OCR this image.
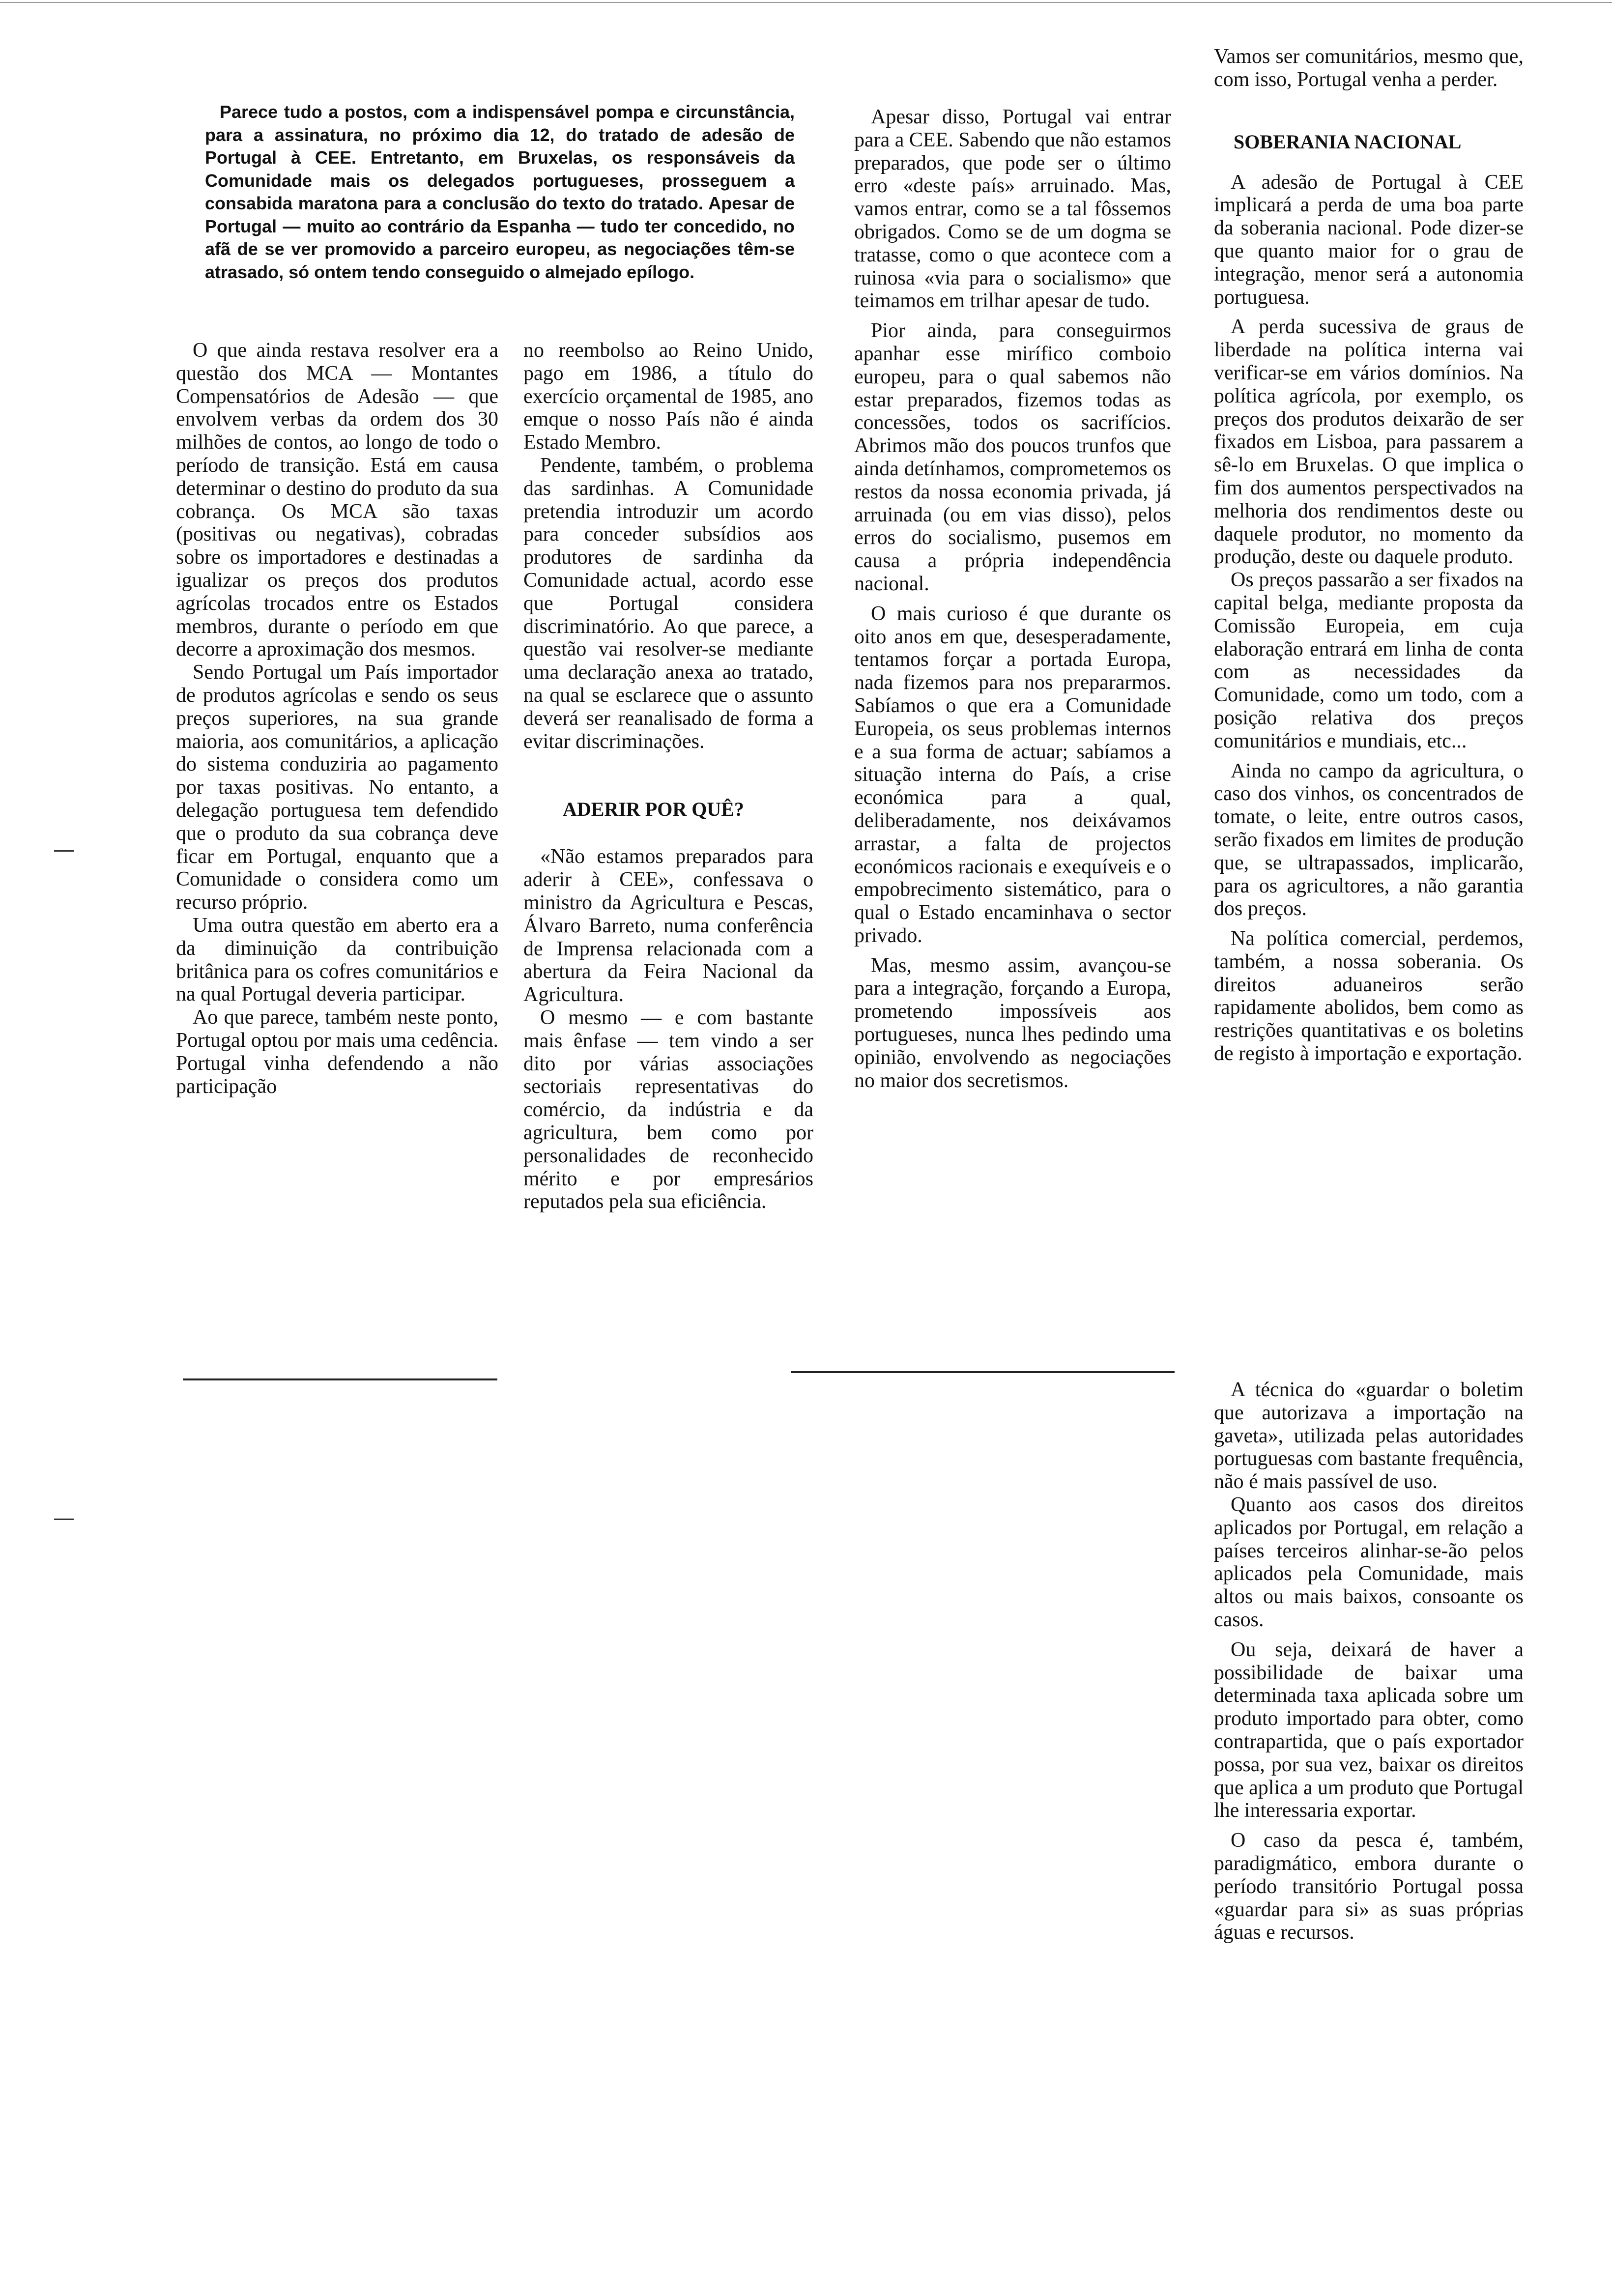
Parece tudo a postos, com a indispensável pompa e circunstância, para a assinatura, no próximo dia 12, do tratado de adesão de Portugal à CEE. Entretanto, em Bruxelas, os responsáveis da Comunidade mais os delegados portugueses, prosseguem a consabida maratona para a conclusão do texto do tratado. Apesar de Portugal — muito ao contrário da Espanha — tudo ter concedido, no afã de se ver promovido a parceiro europeu, as negociações têm-se atrasado, só ontem tendo conseguido o almejado epílogo.

O que ainda restava resolver era a questão dos MCA — Montantes Compensatórios de Adesão — que envolvem verbas da ordem dos 30 milhões de contos, ao longo de todo o período de transição. Está em causa determinar o destino do produto da sua cobrança. Os MCA são taxas (positivas ou negativas), cobradas sobre os importadores e destinadas a igualizar os preços dos produtos agrícolas trocados entre os Estados membros, durante o período em que decorre a aproximação dos mesmos.

Sendo Portugal um País importador de produtos agrícolas e sendo os seus preços superiores, na sua grande maioria, aos comunitários, a aplicação do sistema conduziria ao pagamento por taxas positivas. No entanto, a delegação portuguesa tem defendido que o produto da sua cobrança deve ficar em Portugal, enquanto que a Comunidade o considera como um recurso próprio.

Uma outra questão em aberto era a da diminuição da contribuição britânica para os cofres comunitários e na qual Portugal deveria participar.

Ao que parece, também neste ponto, Portugal optou por mais uma cedência. Portugal vinha defendendo a não participação

no reembolso ao Reino Unido, pago em 1986, a título do exercício orçamental de 1985, ano emque o nosso País não é ainda Estado Membro.

Pendente, também, o problema das sardinhas. A Comunidade pretendia introduzir um acordo para conceder subsídios aos produtores de sardinha da Comunidade actual, acordo esse que Portugal considera discriminatório. Ao que parece, a questão vai resolver-se mediante uma declaração anexa ao tratado, na qual se esclarece que o assunto deverá ser reanalisado de forma a evitar discriminações.

ADERIR POR QUÊ?

«Não estamos preparados para aderir à CEE», confessava o ministro da Agricultura e Pescas, Álvaro Barreto, numa conferência de Imprensa relacionada com a abertura da Feira Nacional da Agricultura.

O mesmo — e com bastante mais ênfase — tem vindo a ser dito por várias associações sectoriais representativas do comércio, da indústria e da agricultura, bem como por personalidades de reconhecido mérito e por empresários reputados pela sua eficiência.

Apesar disso, Portugal vai entrar para a CEE. Sabendo que não estamos preparados, que pode ser o último erro «deste país» arruinado. Mas, vamos entrar, como se a tal fôssemos obrigados. Como se de um dogma se tratasse, como o que acontece com a ruinosa «via para o socialismo» que teimamos em trilhar apesar de tudo.

Pior ainda, para conseguirmos apanhar esse mirífico comboio europeu, para o qual sabemos não estar preparados, fizemos todas as concessões, todos os sacrifícios. Abrimos mão dos poucos trunfos que ainda detínhamos, comprometemos os restos da nossa economia privada, já arruinada (ou em vias disso), pelos erros do socialismo, pusemos em causa a própria independência nacional.

O mais curioso é que durante os oito anos em que, desesperadamente, tentamos forçar a portada Europa, nada fizemos para nos prepararmos. Sabíamos o que era a Comunidade Europeia, os seus problemas internos e a sua forma de actuar; sabíamos a situação interna do País, a crise económica para a qual, deliberadamente, nos deixávamos arrastar, a falta de projectos económicos racionais e exequíveis e o empobrecimento sistemático, para o qual o Estado encaminhava o sector privado.

Mas, mesmo assim, avançou-se para a integração, forçando a Europa, prometendo impossíveis aos portugueses, nunca lhes pedindo uma opinião, envolvendo as negociações no maior dos secretismos.

Vamos ser comunitários, mesmo que, com isso, Portugal venha a perder.

SOBERANIA NACIONAL

A adesão de Portugal à CEE implicará a perda de uma boa parte da soberania nacional. Pode dizer-se que quanto maior for o grau de integração, menor será a autonomia portuguesa.

A perda sucessiva de graus de liberdade na política interna vai verificar-se em vários domínios. Na política agrícola, por exemplo, os preços dos produtos deixarão de ser fixados em Lisboa, para passarem a sê-lo em Bruxelas. O que implica o fim dos aumentos perspectivados na melhoria dos rendimentos deste ou daquele produtor, no momento da produção, deste ou daquele produto.

Os preços passarão a ser fixados na capital belga, mediante proposta da Comissão Europeia, em cuja elaboração entrará em linha de conta com as necessidades da Comunidade, como um todo, com a posição relativa dos preços comunitários e mundiais, etc...

Ainda no campo da agricultura, o caso dos vinhos, os concentrados de tomate, o leite, entre outros casos, serão fixados em limites de produção que, se ultrapassados, implicarão, para os agricultores, a não garantia dos preços.

Na política comercial, perdemos, também, a nossa soberania. Os direitos aduaneiros serão rapidamente abolidos, bem como as restrições quantitativas e os boletins de registo à importação e exportação.

A técnica do «guardar o boletim que autorizava a importação na gaveta», utilizada pelas autoridades portuguesas com bastante frequência, não é mais passível de uso.

Quanto aos casos dos direitos aplicados por Portugal, em relação a países terceiros alinhar-se-ão pelos aplicados pela Comunidade, mais altos ou mais baixos, consoante os casos.

Ou seja, deixará de haver a possibilidade de baixar uma determinada taxa aplicada sobre um produto importado para obter, como contrapartida, que o país exportador possa, por sua vez, baixar os direitos que aplica a um produto que Portugal lhe interessaria exportar.

O caso da pesca é, também, paradigmático, embora durante o período transitório Portugal possa «guardar para si» as suas próprias águas e recursos.
